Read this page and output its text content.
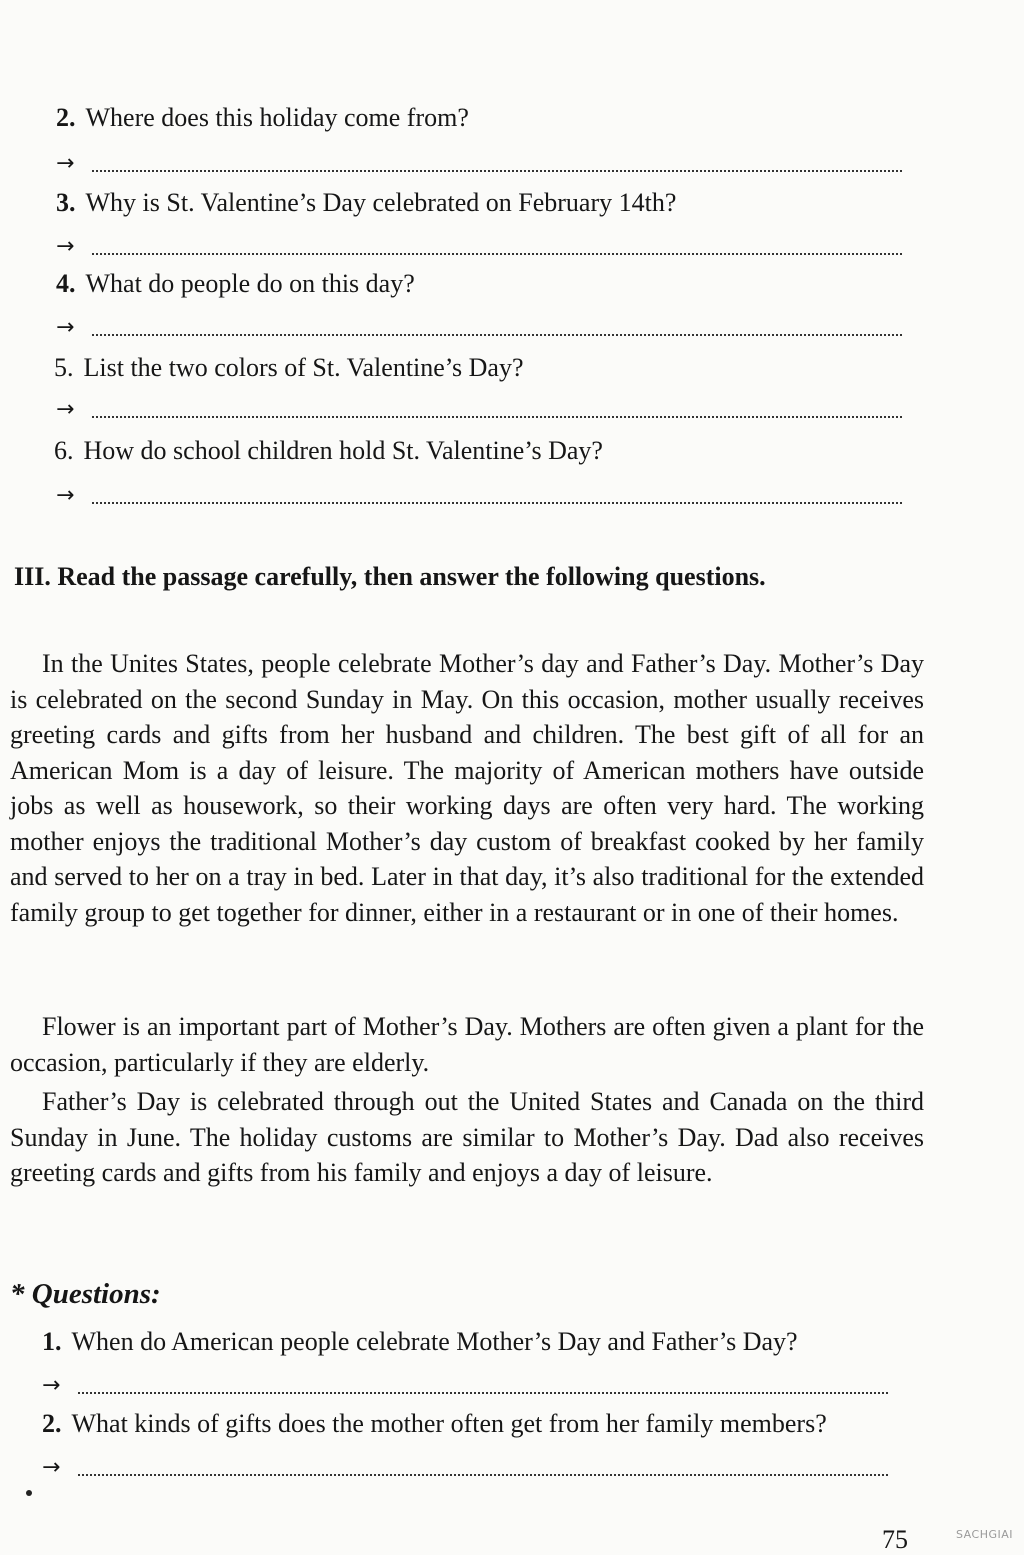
2. Where does this holiday come from?
→
3. Why is St. Valentine’s Day celebrated on February 14th?
→
4. What do people do on this day?
→
5. List the two colors of St. Valentine’s Day?
→
6. How do school children hold St. Valentine’s Day?
→
III. Read the passage carefully, then answer the following questions.

In the Unites States, people celebrate Mother’s day and Father’s Day. Mother’s Day is celebrated on the second Sunday in May. On this occasion, mother usually receives greeting cards and gifts from her husband and children. The best gift of all for an American Mom is a day of leisure. The majority of American mothers have outside jobs as well as housework, so their working days are often very hard. The working mother enjoys the traditional Mother’s day custom of breakfast cooked by her family and served to her on a tray in bed. Later in that day, it’s also traditional for the extended family group to get together for dinner, either in a restaurant or in one of their homes.

Flower is an important part of Mother’s Day. Mothers are often given a plant for the occasion, particularly if they are elderly.

Father’s Day is celebrated through out the United States and Canada on the third Sunday in June. The holiday customs are similar to Mother’s Day. Dad also receives greeting cards and gifts from his family and enjoys a day of leisure.

* Questions:
1. When do American people celebrate Mother’s Day and Father’s Day?
→
2. What kinds of gifts does the mother often get from her family members?
→
75	SACHGIAI
